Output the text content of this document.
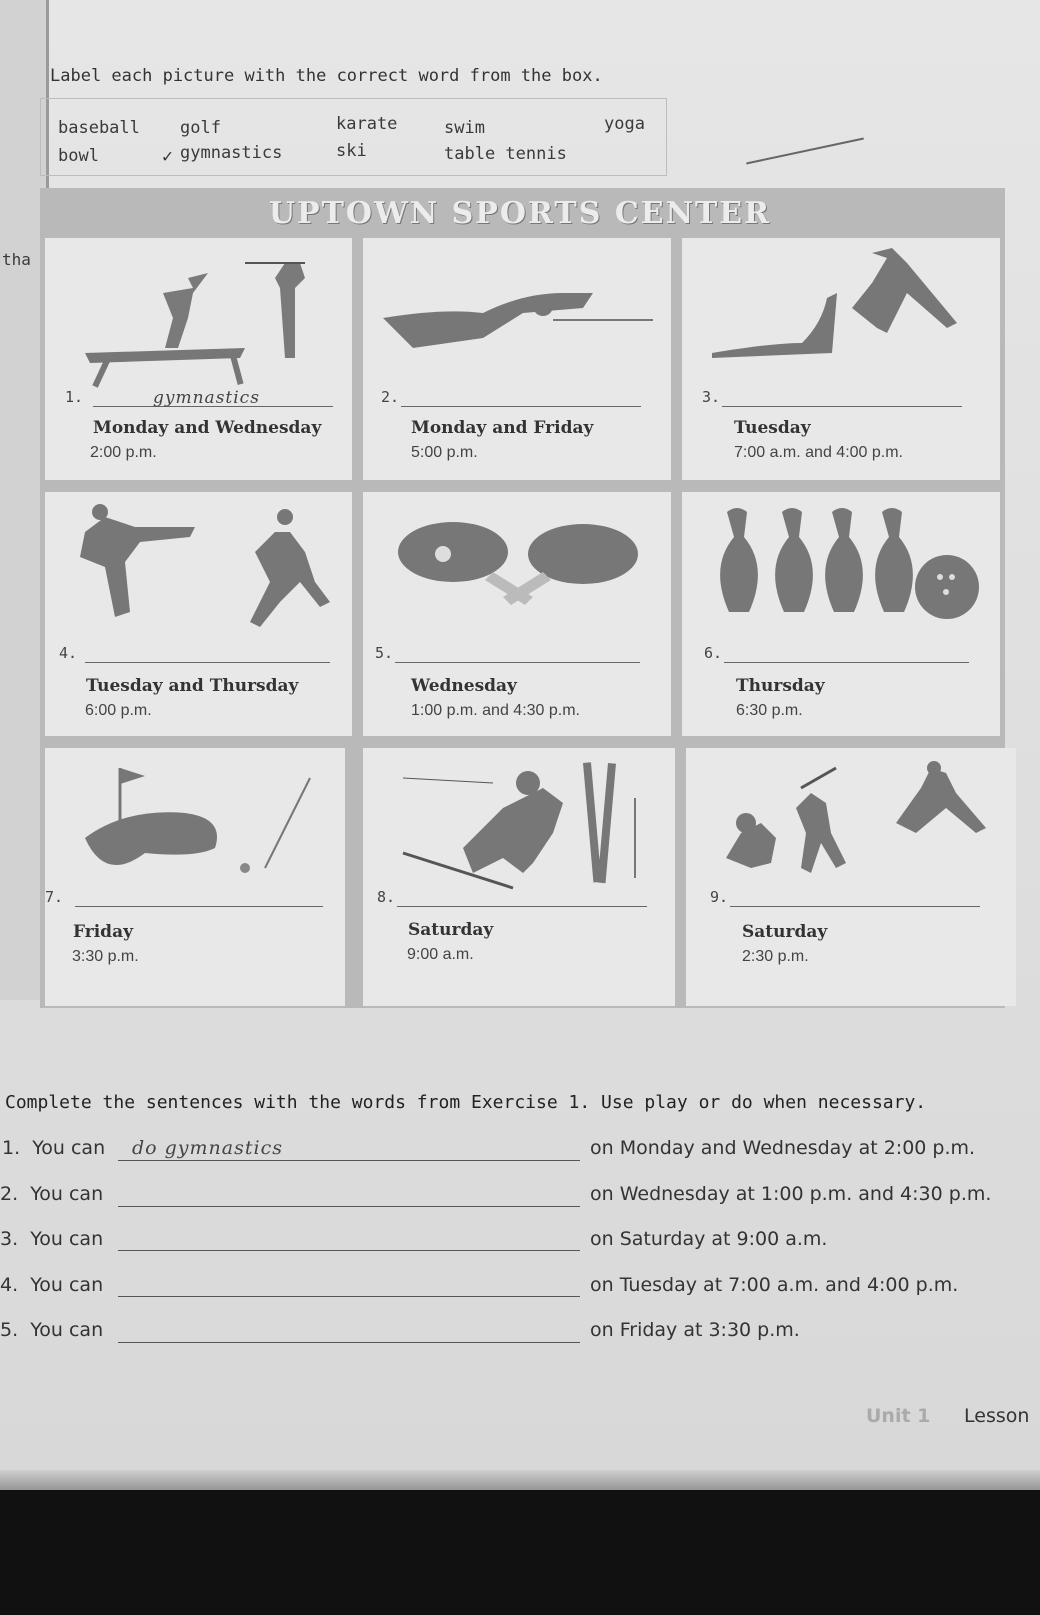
tha
Label each picture with the correct word from the box.
baseball golf	karate	swim	yoga
bowl	✓ gymnastics	ski	table tennis
UPTOWN SPORTS CENTER
1.	gymnastics
Monday and Wednesday
2:00 p.m.
2.
Monday and Friday
5:00 p.m.
3.
Tuesday
7:00 a.m. and 4:00 p.m.
4.
Tuesday and Thursday
6:00 p.m.
5.
Wednesday
1:00 p.m. and 4:30 p.m.
6.
Thursday
6:30 p.m.
7.
Friday
3:30 p.m.
8.
Saturday
9:00 a.m.
9.
Saturday
2:30 p.m.
Complete the sentences with the words from Exercise 1. Use play or do when necessary.
1. You can do gymnastics	on Monday and Wednesday at 2:00 p.m.
2. You can	on Wednesday at 1:00 p.m. and 4:30 p.m.
3. You can	on Saturday at 9:00 a.m.
4. You can	on Tuesday at 7:00 a.m. and 4:00 p.m.
5. You can	on Friday at 3:30 p.m.
Unit 1 Lesson
